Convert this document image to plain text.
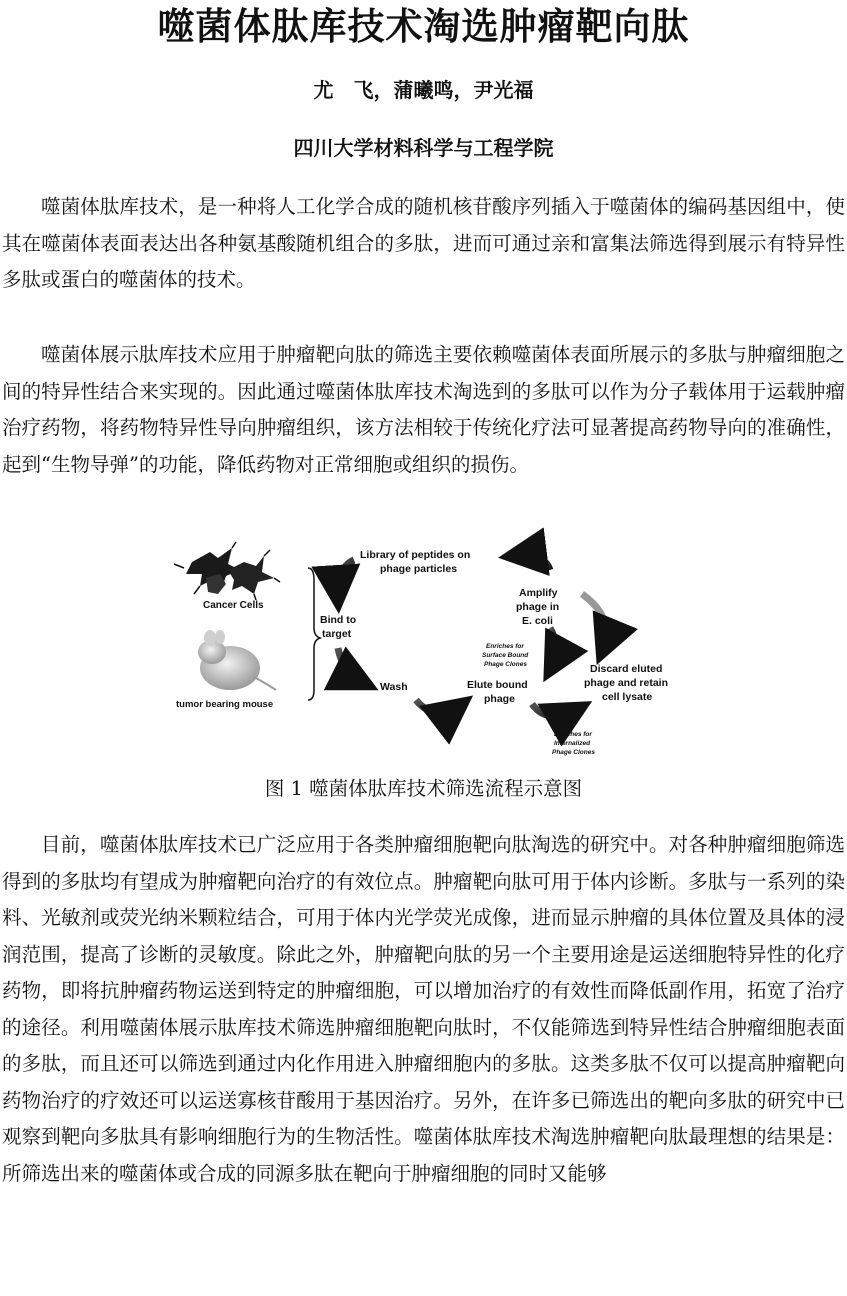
噬菌体肽库技术淘选肿瘤靶向肽
尤　飞，蒲曦鸣，尹光福
四川大学材料科学与工程学院

噬菌体肽库技术，是一种将人工化学合成的随机核苷酸序列插入于噬菌体的编码基因组中，使其在噬菌体表面表达出各种氨基酸随机组合的多肽，进而可通过亲和富集法筛选得到展示有特异性多肽或蛋白的噬菌体的技术。

噬菌体展示肽库技术应用于肿瘤靶向肽的筛选主要依赖噬菌体表面所展示的多肽与肿瘤细胞之间的特异性结合来实现的。因此通过噬菌体肽库技术淘选到的多肽可以作为分子载体用于运载肿瘤治疗药物，将药物特异性导向肿瘤组织，该方法相较于传统化疗法可显著提高药物导向的准确性，起到“生物导弹”的功能，降低药物对正常细胞或组织的损伤。

Cancer Cells
tumor bearing mouse
Bind to
target
Library of peptides on
phage particles
Amplify
phage in
E. coli
Enriches for
Surface Bound
Phage Clones	Discard eluted
phage and retain
cell lysate
Wash	Elute bound
phage
Enriches for
Internalized
Phage Clones
图 1 噬菌体肽库技术筛选流程示意图

目前，噬菌体肽库技术已广泛应用于各类肿瘤细胞靶向肽淘选的研究中。对各种肿瘤细胞筛选得到的多肽均有望成为肿瘤靶向治疗的有效位点。肿瘤靶向肽可用于体内诊断。多肽与一系列的染料、光敏剂或荧光纳米颗粒结合，可用于体内光学荧光成像，进而显示肿瘤的具体位置及具体的浸润范围，提高了诊断的灵敏度。除此之外，肿瘤靶向肽的另一个主要用途是运送细胞特异性的化疗药物，即将抗肿瘤药物运送到特定的肿瘤细胞，可以增加治疗的有效性而降低副作用，拓宽了治疗的途径。利用噬菌体展示肽库技术筛选肿瘤细胞靶向肽时，不仅能筛选到特异性结合肿瘤细胞表面的多肽，而且还可以筛选到通过内化作用进入肿瘤细胞内的多肽。这类多肽不仅可以提高肿瘤靶向药物治疗的疗效还可以运送寡核苷酸用于基因治疗。另外，在许多已筛选出的靶向多肽的研究中已观察到靶向多肽具有影响细胞行为的生物活性。噬菌体肽库技术淘选肿瘤靶向肽最理想的结果是：所筛选出来的噬菌体或合成的同源多肽在靶向于肿瘤细胞的同时又能够
